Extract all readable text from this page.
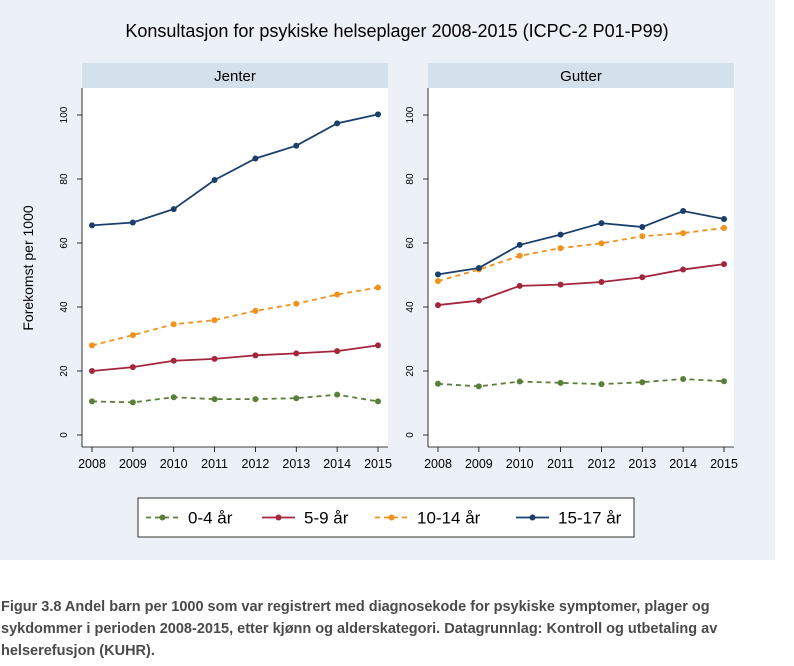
Konsultasjon for psykiske helseplager 2008-2015 (ICPC-2 P01-P99)
Forekomst per 1000
Jenter
0
20
40
60
80
100
2008 2009 2010 2011 2012 2013 2014 2015
Gutter
0
20
40
60
80
100
2008 2009 2010 2011 2012 2013 2014 2015
0-4 år	5-9 år	10-14 år	15-17 år
Figur 3.8 Andel barn per 1000 som var registrert med diagnosekode for psykiske symptomer, plager og sykdommer i perioden 2008-2015, etter kjønn og alderskategori. Datagrunnlag: Kontroll og utbetaling av helserefusjon (KUHR).
